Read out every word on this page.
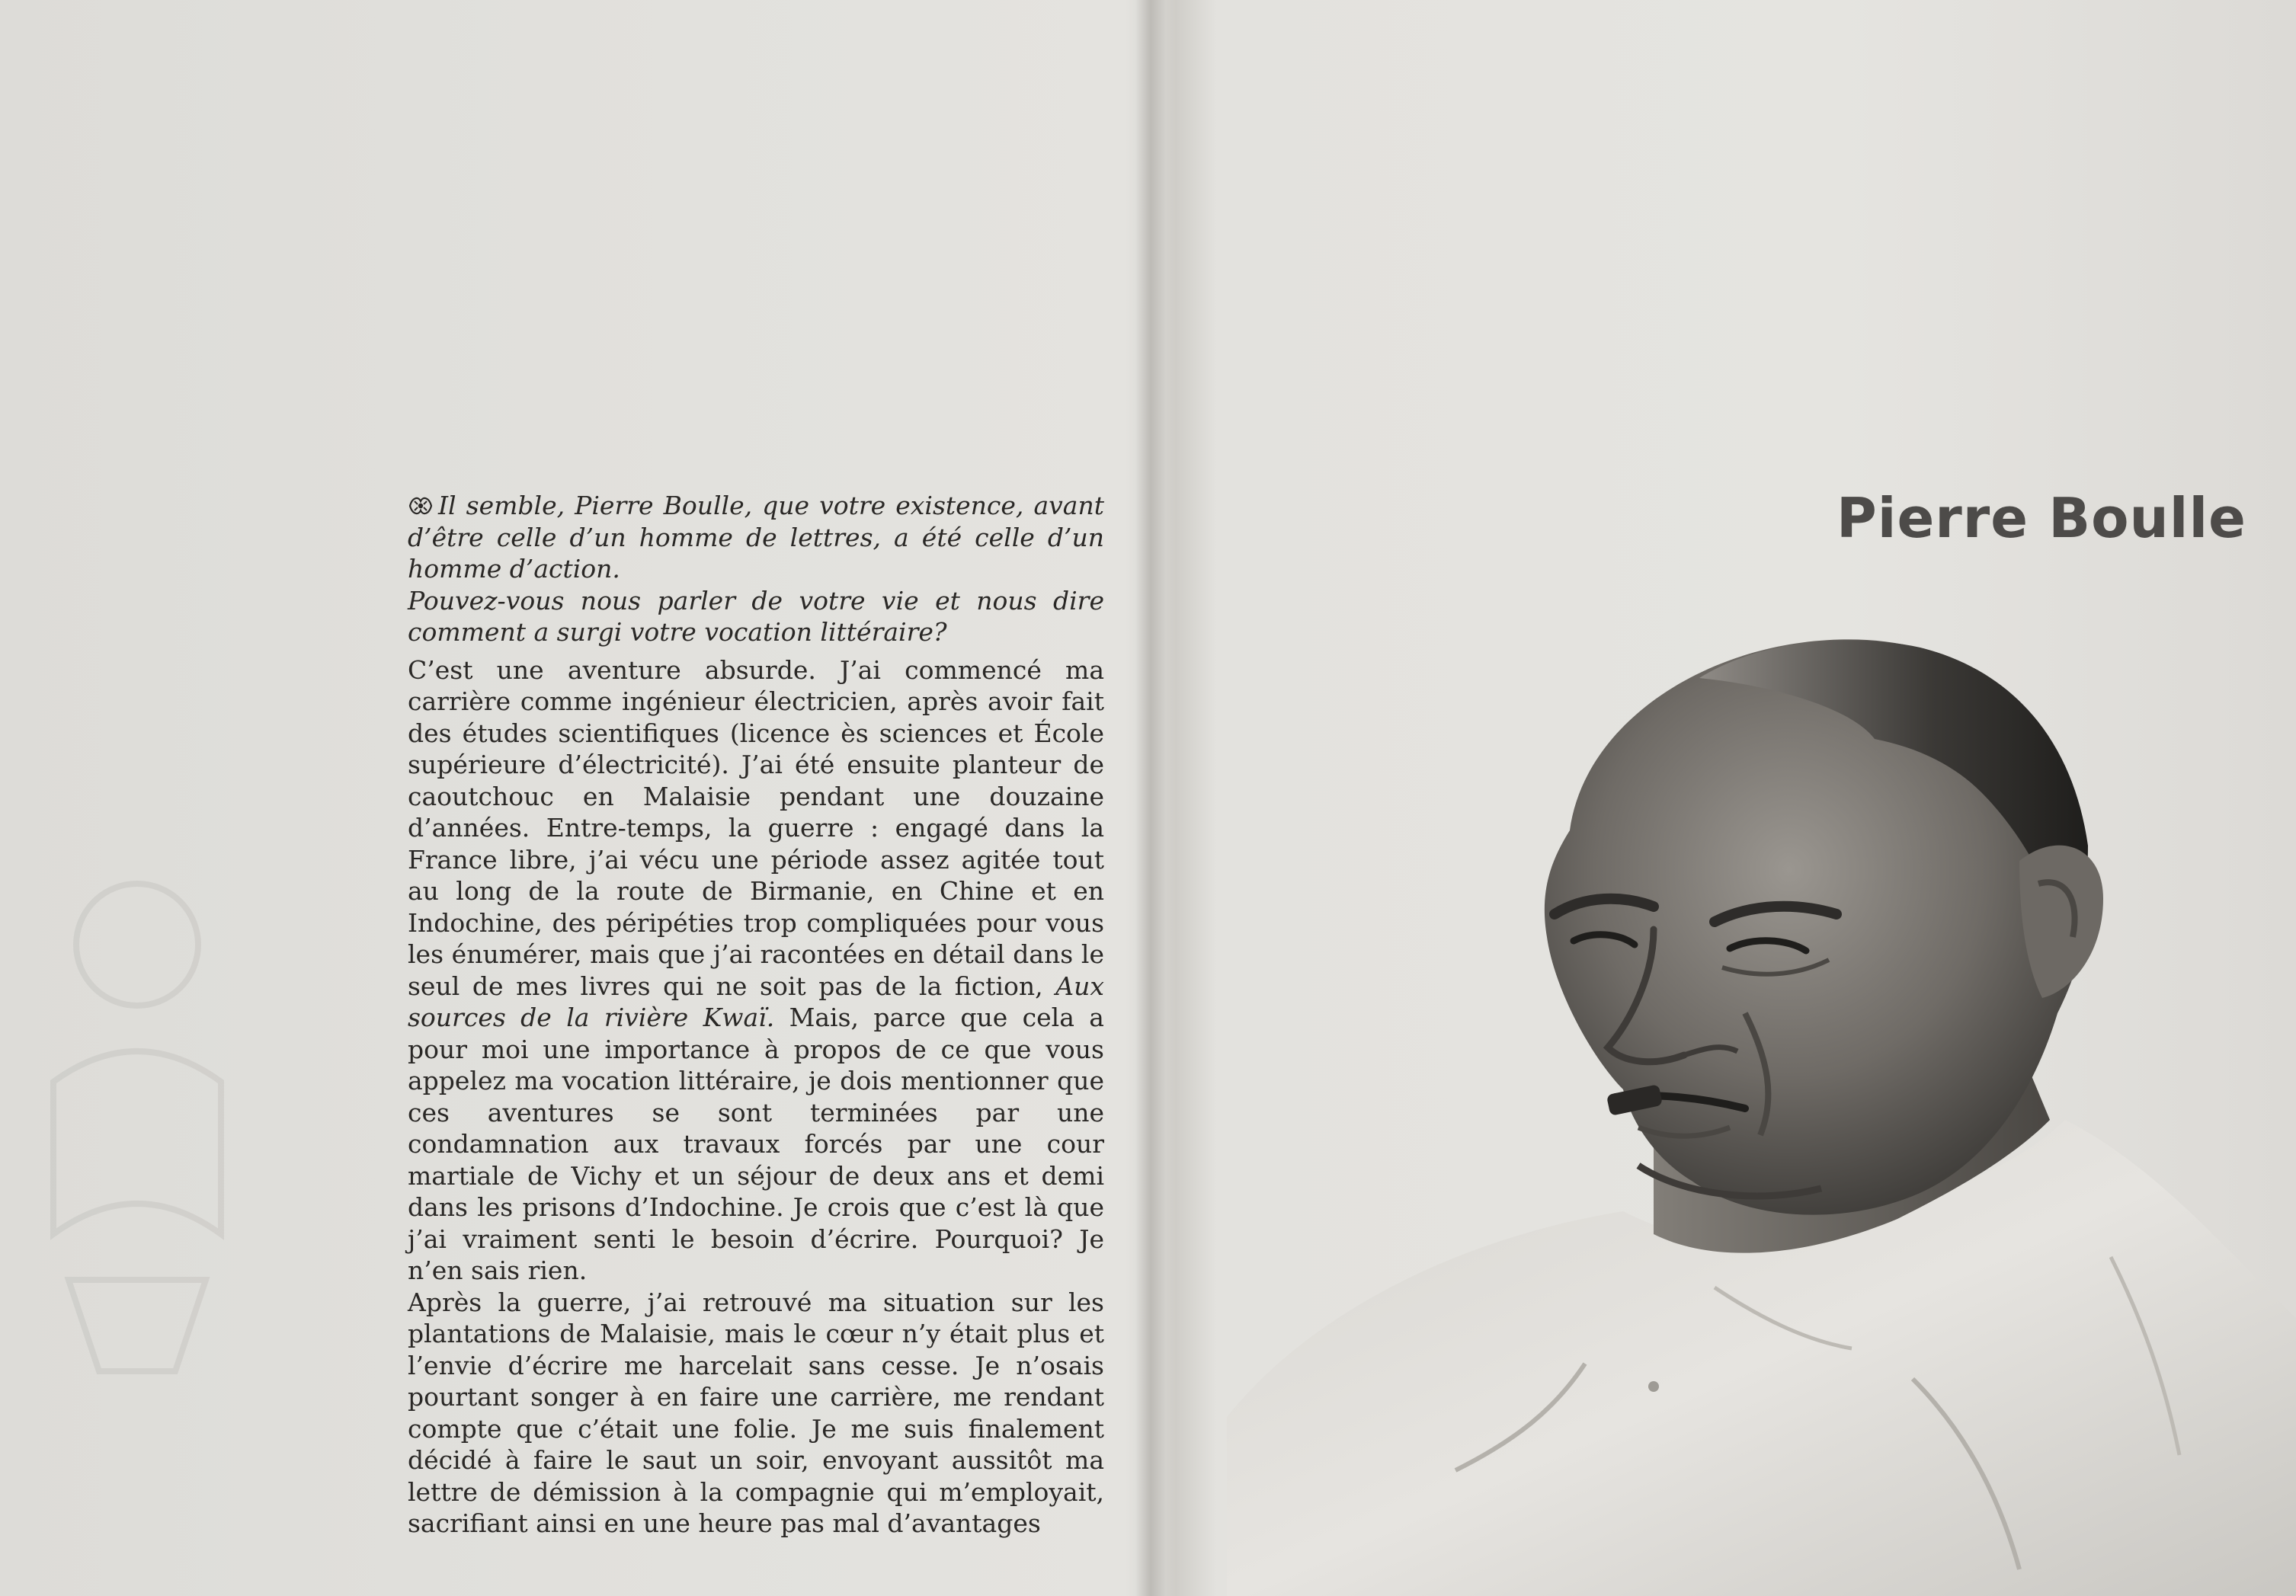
Il semble, Pierre Boulle, que votre existence, avant d’être celle d’un homme de lettres, a été celle d’un homme d’action.

Pouvez-vous nous parler de votre vie et nous dire comment a surgi votre vocation littéraire?

C’est une aventure absurde. J’ai commencé ma carrière comme ingénieur électricien, après avoir fait des études scientifiques (licence ès sciences et École supérieure d’électricité). J’ai été ensuite planteur de caoutchouc en Malaisie pendant une douzaine d’années. Entre-temps, la guerre : engagé dans la France libre, j’ai vécu une période assez agitée tout au long de la route de Birmanie, en Chine et en Indochine, des péripéties trop compliquées pour vous les énumérer, mais que j’ai racontées en détail dans le seul de mes livres qui ne soit pas de la fiction, Aux sources de la rivière Kwaï. Mais, parce que cela a pour moi une importance à propos de ce que vous appelez ma vocation littéraire, je dois mentionner que ces aventures se sont terminées par une condamnation aux travaux forcés par une cour martiale de Vichy et un séjour de deux ans et demi dans les prisons d’Indochine. Je crois que c’est là que j’ai vraiment senti le besoin d’écrire. Pourquoi? Je n’en sais rien.

Après la guerre, j’ai retrouvé ma situation sur les plantations de Malaisie, mais le cœur n’y était plus et l’envie d’écrire me harcelait sans cesse. Je n’osais pourtant songer à en faire une carrière, me rendant compte que c’était une folie. Je me suis finalement décidé à faire le saut un soir, envoyant aussitôt ma lettre de démission à la compagnie qui m’employait, sacrifiant ainsi en une heure pas mal d’avantages

Pierre Boulle
